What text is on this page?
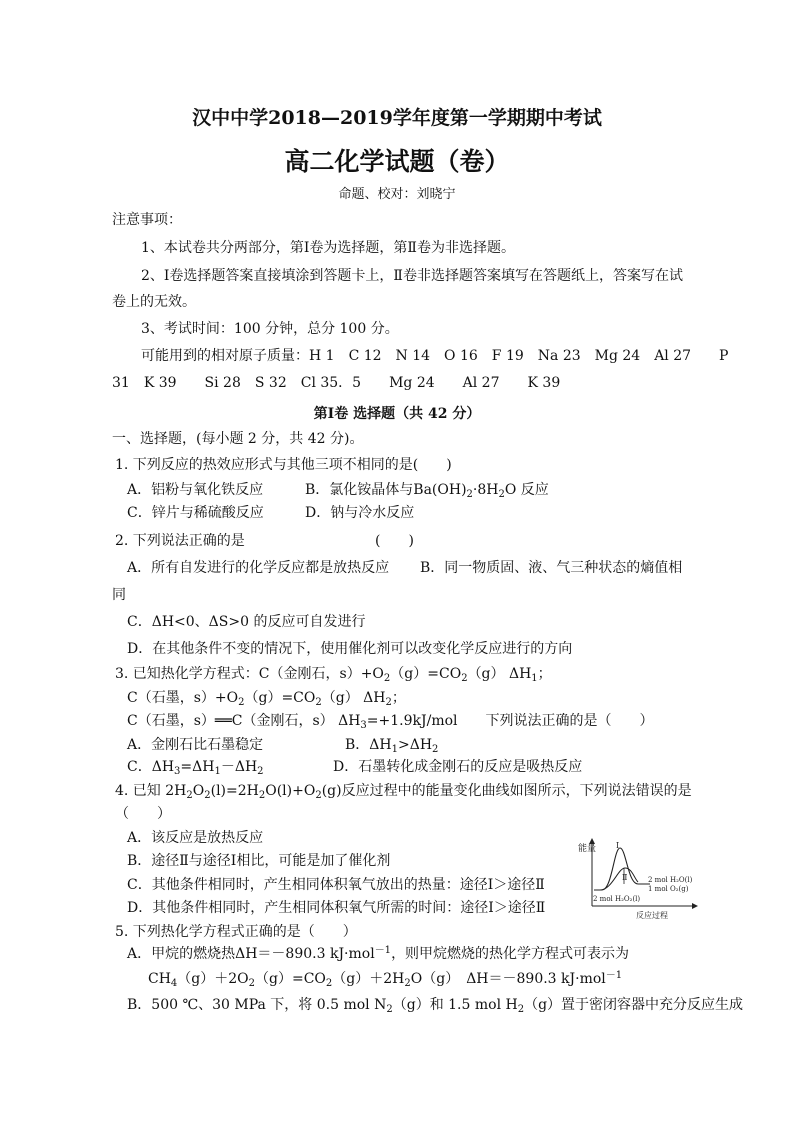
汉中中学2018—2019学年度第一学期期中考试
高二化学试题（卷）
命题、校对：刘晓宁
注意事项：
1、本试卷共分两部分，第Ⅰ卷为选择题，第Ⅱ卷为非选择题。
2、Ⅰ卷选择题答案直接填涂到答题卡上，Ⅱ卷非选择题答案填写在答题纸上，答案写在试
卷上的无效。
3、考试时间：100 分钟，总分 100 分。
可能用到的相对原子质量：H 1　C 12　N 14　O 16　F 19　Na 23　Mg 24　Al 27　　P
31　K 39　　Si 28　S 32　Cl 35．5　　Mg 24　　Al 27　　K 39
第Ⅰ卷 选择题（共 42 分）
一、选择题，(每小题 2 分，共 42 分)。
1. 下列反应的热效应形式与其他三项不相同的是(　　)
A．铝粉与氧化铁反应	B．氯化铵晶体与$Ba(OH)_2\cdot 8H_2O$ 反应
C．锌片与稀硫酸反应	D．钠与冷水反应
2. 下列说法正确的是	(　　)
A．所有自发进行的化学反应都是放热反应 B．同一物质固、液、气三种状态的熵值相
同
C．ΔH<0、ΔS>0 的反应可自发进行
D．在其他条件不变的情况下，使用催化剂可以改变化学反应进行的方向
3. 已知热化学方程式：C（金刚石，$s)+O_2(g)=CO_2(g)$ $\Delta H_1$；
C（石墨，$s)+O_2(g)=CO_2(g)$ $\Delta H_2$；
C（石墨，s）══C（金刚石，s） $\Delta H_3=+1.9kJ$/mol　　下列说法正确的是（　　）
A．金刚石比石墨稳定	B．$\Delta H_1>\Delta H_2$
C．$\Delta H_3=\Delta H_1-\Delta H_2$	D．石墨转化成金刚石的反应是吸热反应
4. 已知 $2H_2O_2(l)=2H_2O(l)+O_2(g)$反应过程中的能量变化曲线如图所示，下列说法错误的是
（　　）
A．该反应是放热反应
B．途径Ⅱ与途径Ⅰ相比，可能是加了催化剂
C．其他条件相同时，产生相同体积氧气放出的热量：途径Ⅰ＞途径Ⅱ
D．其他条件相同时，产生相同体积氧气所需的时间：途径Ⅰ＞途径Ⅱ
能量
反应过程
Ⅰ
Ⅱ
2 mol H₂O₂(l)
2 mol H₂O(l)
1 mol O₂(g)
5. 下列热化学方程式正确的是（　　）
A．甲烷的燃烧热ΔH＝－890.3 kJ·mol$^{-1}$，则甲烷燃烧的热化学方程式可表示为
$CH_4(g)+2O_2(g)=CO_2(g)+2H_2O(g)$　ΔH＝－890.3 kJ·mol$^{-1}$
B．500 ℃、30 MPa 下，将 0.5 mol $N_2(g)$和 1.5 mol $H_2(g)$置于密闭容器中充分反应生成
